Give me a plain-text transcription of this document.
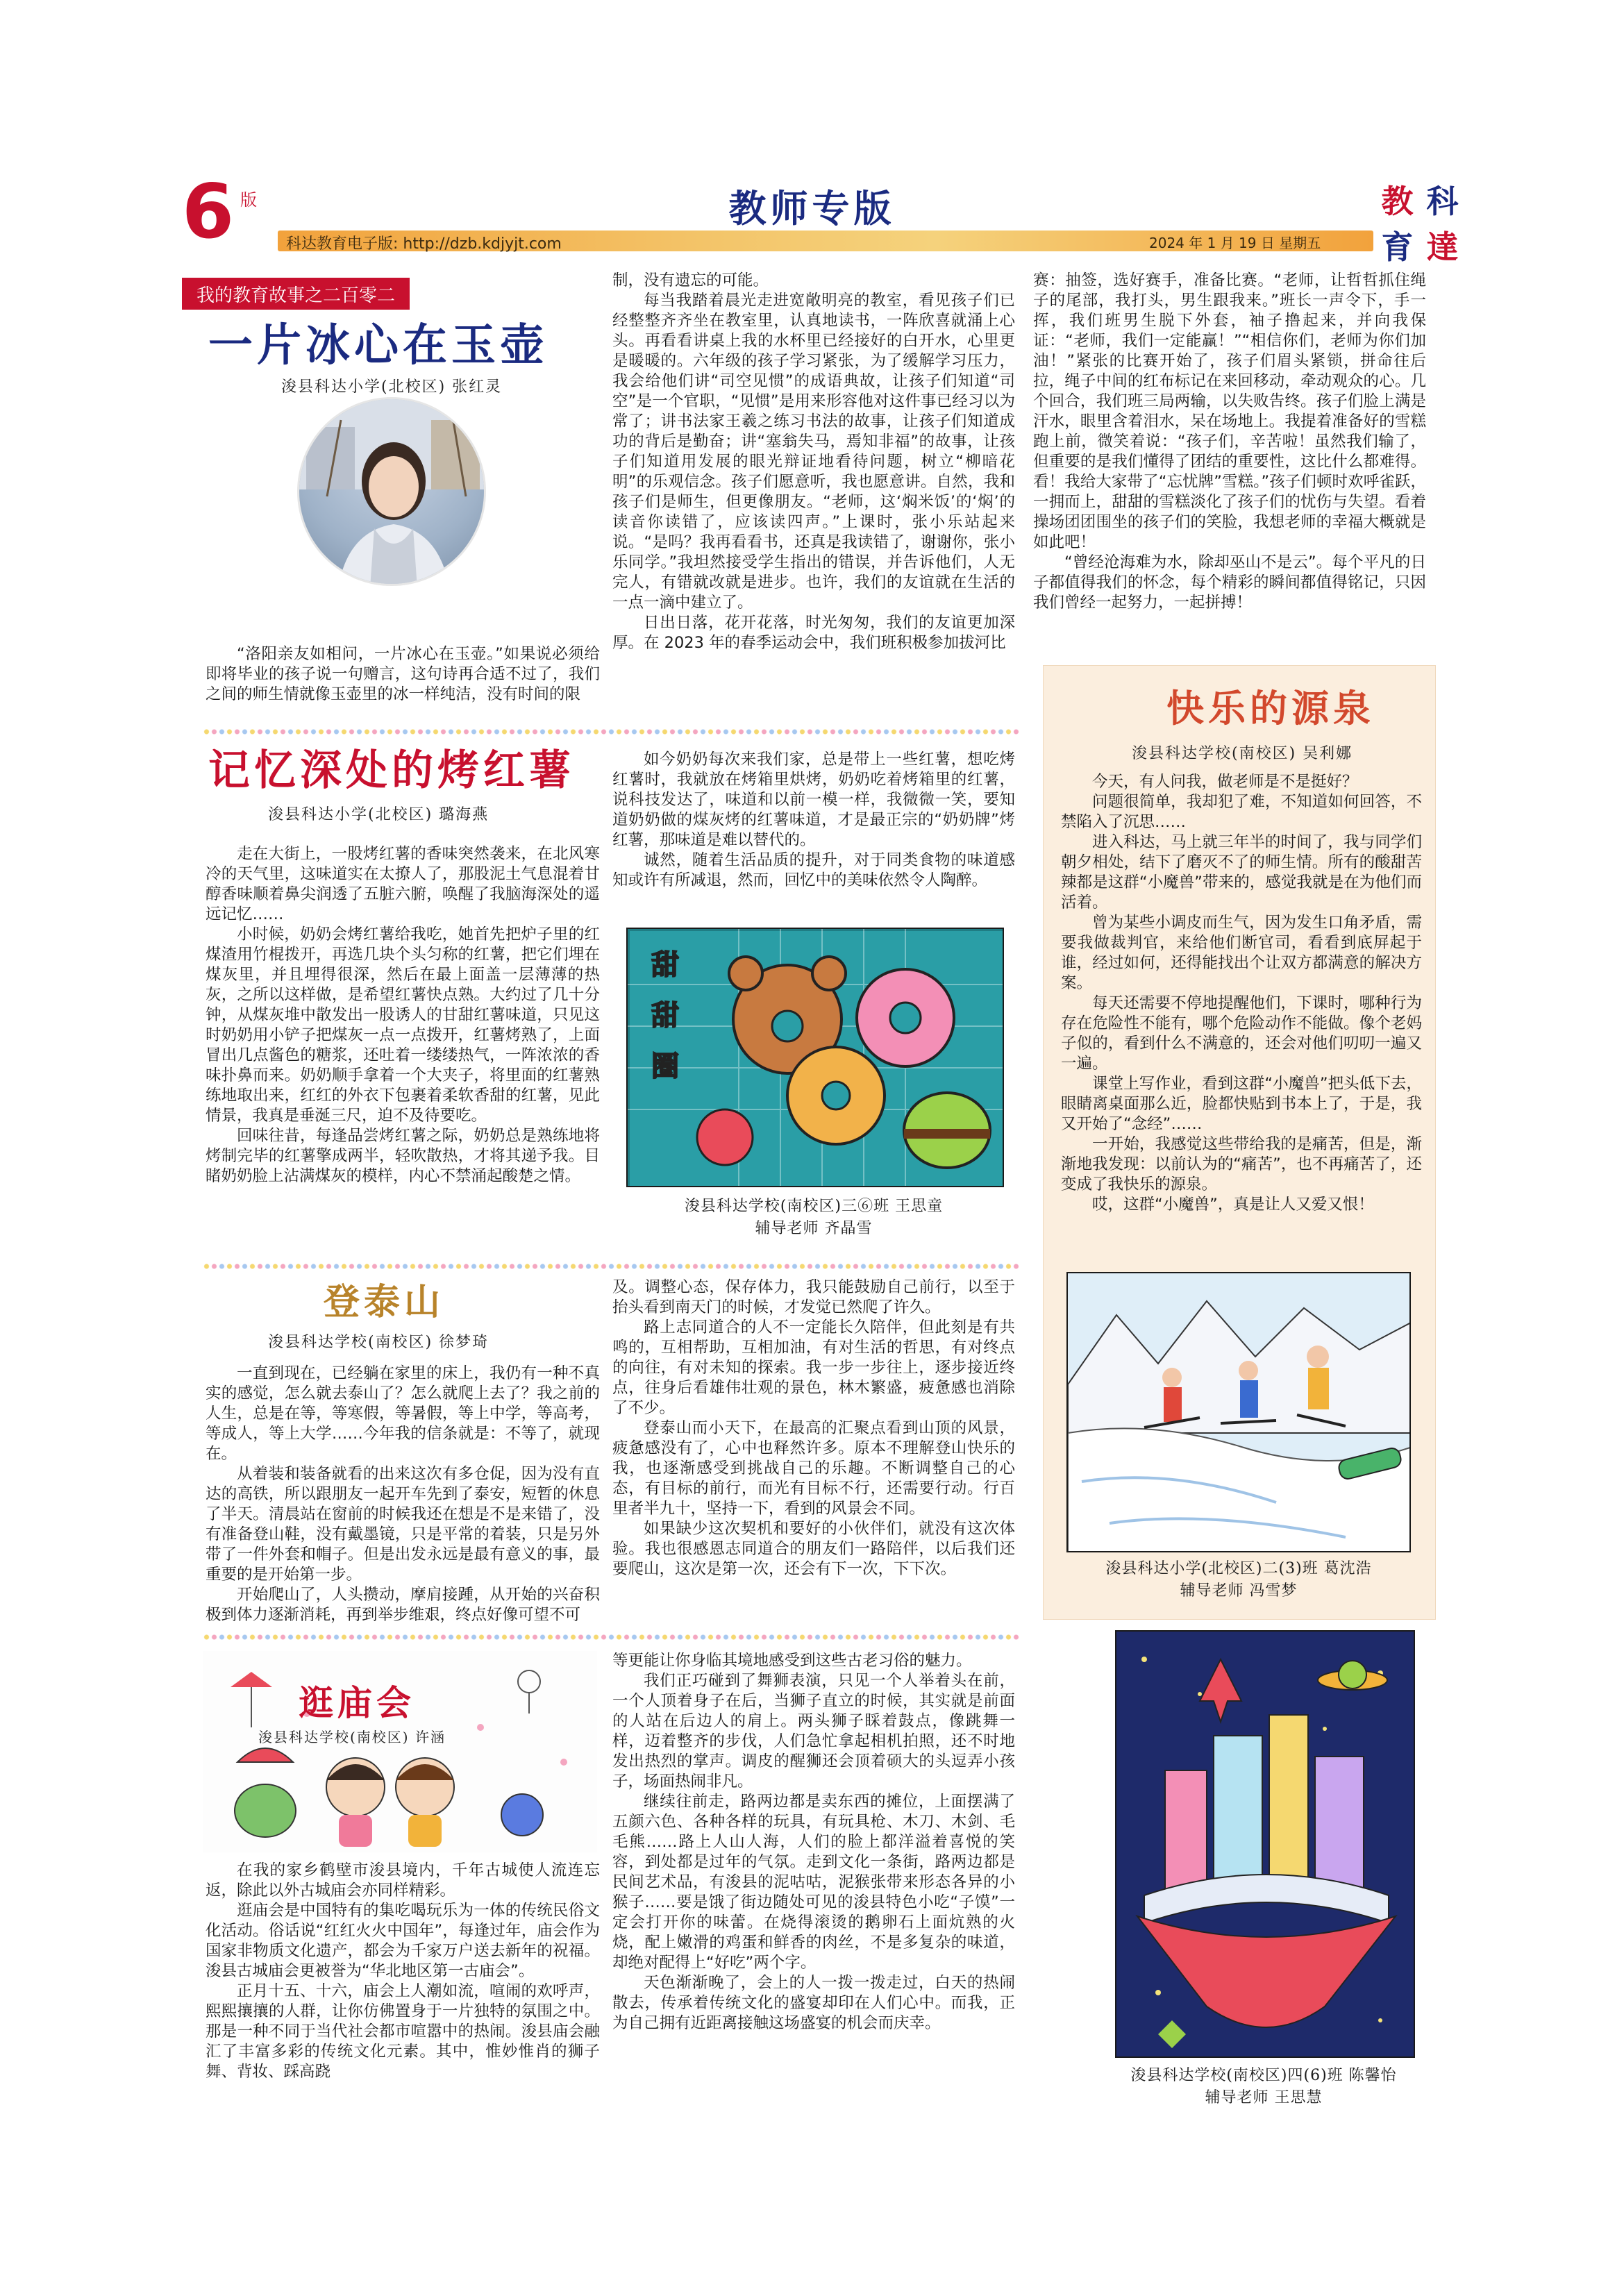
6 版	教师专版
科达教育电子版: http://dzb.kdjyjt.com	2024 年 1 月 19 日 星期五
教 科
育 達
我的教育故事之二百零二
一片冰心在玉壶
浚县科达小学(北校区) 张红灵

“洛阳亲友如相问，一片冰心在玉壶。”如果说必须给即将毕业的孩子说一句赠言，这句诗再合适不过了，我们之间的师生情就像玉壶里的冰一样纯洁，没有时间的限

制，没有遗忘的可能。

每当我踏着晨光走进宽敞明亮的教室，看见孩子们已经整整齐齐坐在教室里，认真地读书，一阵欣喜就涌上心头。再看看讲桌上我的水杯里已经接好的白开水，心里更是暖暖的。六年级的孩子学习紧张，为了缓解学习压力，我会给他们讲“司空见惯”的成语典故，让孩子们知道“司空”是一个官职，“见惯”是用来形容他对这件事已经习以为常了；讲书法家王羲之练习书法的故事，让孩子们知道成功的背后是勤奋；讲“塞翁失马，焉知非福”的故事，让孩子们知道用发展的眼光辩证地看待问题，树立“柳暗花明”的乐观信念。孩子们愿意听，我也愿意讲。自然，我和孩子们是师生，但更像朋友。“老师，这‘焖米饭’的‘焖’的读音你读错了，应该读四声。”上课时，张小乐站起来说。“是吗？我再看看书，还真是我读错了，谢谢你，张小乐同学。”我坦然接受学生指出的错误，并告诉他们，人无完人，有错就改就是进步。也许，我们的友谊就在生活的一点一滴中建立了。

日出日落，花开花落，时光匆匆，我们的友谊更加深厚。在 2023 年的春季运动会中，我们班积极参加拔河比

赛：抽签，选好赛手，准备比赛。“老师，让哲哲抓住绳子的尾部，我打头，男生跟我来。”班长一声令下，手一挥，我们班男生脱下外套，袖子撸起来，并向我保证：“老师，我们一定能赢！”“相信你们，老师为你们加油！”紧张的比赛开始了，孩子们眉头紧锁，拼命往后拉，绳子中间的红布标记在来回移动，牵动观众的心。几个回合，我们班三局两输，以失败告终。孩子们脸上满是汗水，眼里含着泪水，呆在场地上。我提着准备好的雪糕跑上前，微笑着说：“孩子们，辛苦啦！虽然我们输了，但重要的是我们懂得了团结的重要性，这比什么都难得。看！我给大家带了“忘忧牌”雪糕。”孩子们顿时欢呼雀跃，一拥而上，甜甜的雪糕淡化了孩子们的忧伤与失望。看着操场团团围坐的孩子们的笑脸，我想老师的幸福大概就是如此吧！

“曾经沧海难为水，除却巫山不是云”。每个平凡的日子都值得我们的怀念，每个精彩的瞬间都值得铭记，只因我们曾经一起努力，一起拼搏！

快乐的源泉
浚县科达学校(南校区) 吴利娜

今天，有人问我，做老师是不是挺好？

问题很简单，我却犯了难，不知道如何回答，不禁陷入了沉思……

进入科达，马上就三年半的时间了，我与同学们朝夕相处，结下了磨灭不了的师生情。所有的酸甜苦辣都是这群“小魔兽”带来的，感觉我就是在为他们而活着。

曾为某些小调皮而生气，因为发生口角矛盾，需要我做裁判官，来给他们断官司，看看到底屏起于谁，经过如何，还得能找出个让双方都满意的解决方案。

每天还需要不停地提醒他们，下课时，哪种行为存在危险性不能有，哪个危险动作不能做。像个老妈子似的，看到什么不满意的，还会对他们叨叨一遍又一遍。

课堂上写作业，看到这群“小魔兽”把头低下去，眼睛离桌面那么近，脸都快贴到书本上了，于是，我又开始了“念经”……

一开始，我感觉这些带给我的是痛苦，但是，渐渐地我发现：以前认为的“痛苦”，也不再痛苦了，还变成了我快乐的源泉。

哎，这群“小魔兽”，真是让人又爱又恨！

浚县科达小学(北校区)二(3)班 葛沈浩
辅导老师 冯雪梦
记忆深处的烤红薯
浚县科达小学(北校区) 璐海燕

走在大街上，一股烤红薯的香味突然袭来，在北风寒冷的天气里，这味道实在太撩人了，那股泥土气息混着甘醇香味顺着鼻尖润透了五脏六腑，唤醒了我脑海深处的遥远记忆……

小时候，奶奶会烤红薯给我吃，她首先把炉子里的红煤渣用竹棍拨开，再选几块个头匀称的红薯，把它们埋在煤灰里，并且埋得很深，然后在最上面盖一层薄薄的热灰，之所以这样做，是希望红薯快点熟。大约过了几十分钟，从煤灰堆中散发出一股诱人的甘甜红薯味道，只见这时奶奶用小铲子把煤灰一点一点拨开，红薯烤熟了，上面冒出几点酱色的糖浆，还吐着一缕缕热气，一阵浓浓的香味扑鼻而来。奶奶顺手拿着一个大夹子，将里面的红薯熟练地取出来，红红的外衣下包裹着柔软香甜的红薯，见此情景，我真是垂涎三尺，迫不及待要吃。

回味往昔，每逢品尝烤红薯之际，奶奶总是熟练地将烤制完毕的红薯擎成两半，轻吹散热，才将其递予我。目睹奶奶脸上沾满煤灰的模样，内心不禁涌起酸楚之情。

如今奶奶每次来我们家，总是带上一些红薯，想吃烤红薯时，我就放在烤箱里烘烤，奶奶吃着烤箱里的红薯，说科技发达了，味道和以前一模一样，我微微一笑，要知道奶奶做的煤灰烤的红薯味道，才是最正宗的“奶奶牌”烤红薯，那味道是难以替代的。

诚然，随着生活品质的提升，对于同类食物的味道感知或许有所减退，然而，回忆中的美味依然令人陶醉。

甜
甜
圈
浚县科达学校(南校区)三⑥班 王思童
辅导老师 齐晶雪
登泰山
浚县科达学校(南校区) 徐梦琦

一直到现在，已经躺在家里的床上，我仍有一种不真实的感觉，怎么就去泰山了？怎么就爬上去了？我之前的人生，总是在等，等寒假，等暑假，等上中学，等高考，等成人，等上大学……今年我的信条就是：不等了，就现在。

从着装和装备就看的出来这次有多仓促，因为没有直达的高铁，所以跟朋友一起开车先到了泰安，短暂的休息了半天。清晨站在窗前的时候我还在想是不是来错了，没有准备登山鞋，没有戴墨镜，只是平常的着装，只是另外带了一件外套和帽子。但是出发永远是最有意义的事，最重要的是开始第一步。

开始爬山了，人头攒动，摩肩接踵，从开始的兴奋积极到体力逐渐消耗，再到举步维艰，终点好像可望不可

及。调整心态，保存体力，我只能鼓励自己前行，以至于抬头看到南天门的时候，才发觉已然爬了许久。

路上志同道合的人不一定能长久陪伴，但此刻是有共鸣的，互相帮助，互相加油，有对生活的哲思，有对终点的向往，有对未知的探索。我一步一步往上，逐步接近终点，往身后看雄伟壮观的景色，林木繁盛，疲惫感也消除了不少。

登泰山而小天下，在最高的汇聚点看到山顶的风景，疲惫感没有了，心中也释然许多。原本不理解登山快乐的我，也逐渐感受到挑战自己的乐趣。不断调整自己的心态，有目标的前行，而光有目标不行，还需要行动。行百里者半九十，坚持一下，看到的风景会不同。

如果缺少这次契机和要好的小伙伴们，就没有这次体验。我也很感恩志同道合的朋友们一路陪伴，以后我们还要爬山，这次是第一次，还会有下一次，下下次。

逛庙会
浚县科达学校(南校区) 许涵

在我的家乡鹤壁市浚县境内，千年古城使人流连忘返，除此以外古城庙会亦同样精彩。

逛庙会是中国特有的集吃喝玩乐为一体的传统民俗文化活动。俗话说“红红火火中国年”，每逢过年，庙会作为国家非物质文化遗产，都会为千家万户送去新年的祝福。浚县古城庙会更被誉为“华北地区第一古庙会”。

正月十五、十六，庙会上人潮如流，喧闹的欢呼声，熙熙攘攘的人群，让你仿佛置身于一片独特的氛围之中。那是一种不同于当代社会都市喧嚣中的热闹。浚县庙会融汇了丰富多彩的传统文化元素。其中，惟妙惟肖的狮子舞、背妆、踩高跷

等更能让你身临其境地感受到这些古老习俗的魅力。

我们正巧碰到了舞狮表演，只见一个人举着头在前，一个人顶着身子在后，当狮子直立的时候，其实就是前面的人站在后边人的肩上。两头狮子睬着鼓点，像跳舞一样，迈着整齐的步伐，人们急忙拿起相机拍照，还不时地发出热烈的掌声。调皮的醒狮还会顶着硕大的头逗弄小孩子，场面热闹非凡。

继续往前走，路两边都是卖东西的摊位，上面摆满了五颜六色、各种各样的玩具，有玩具枪、木刀、木剑、毛毛熊……路上人山人海，人们的脸上都洋溢着喜悦的笑容，到处都是过年的气氛。走到文化一条街，路两边都是民间艺术品，有浚县的泥咕咕，泥猴张带来形态各异的小猴子……要是饿了街边随处可见的浚县特色小吃“子馍”一定会打开你的味蕾。在烧得滚烫的鹅卵石上面炕熟的火烧，配上嫩滑的鸡蛋和鲜香的肉丝，不是多复杂的味道，却绝对配得上“好吃”两个字。

天色渐渐晚了，会上的人一拨一拨走过，白天的热闹散去，传承着传统文化的盛宴却印在人们心中。而我，正为自己拥有近距离接触这场盛宴的机会而庆幸。

浚县科达学校(南校区)四(6)班 陈馨怡
辅导老师 王思慧
